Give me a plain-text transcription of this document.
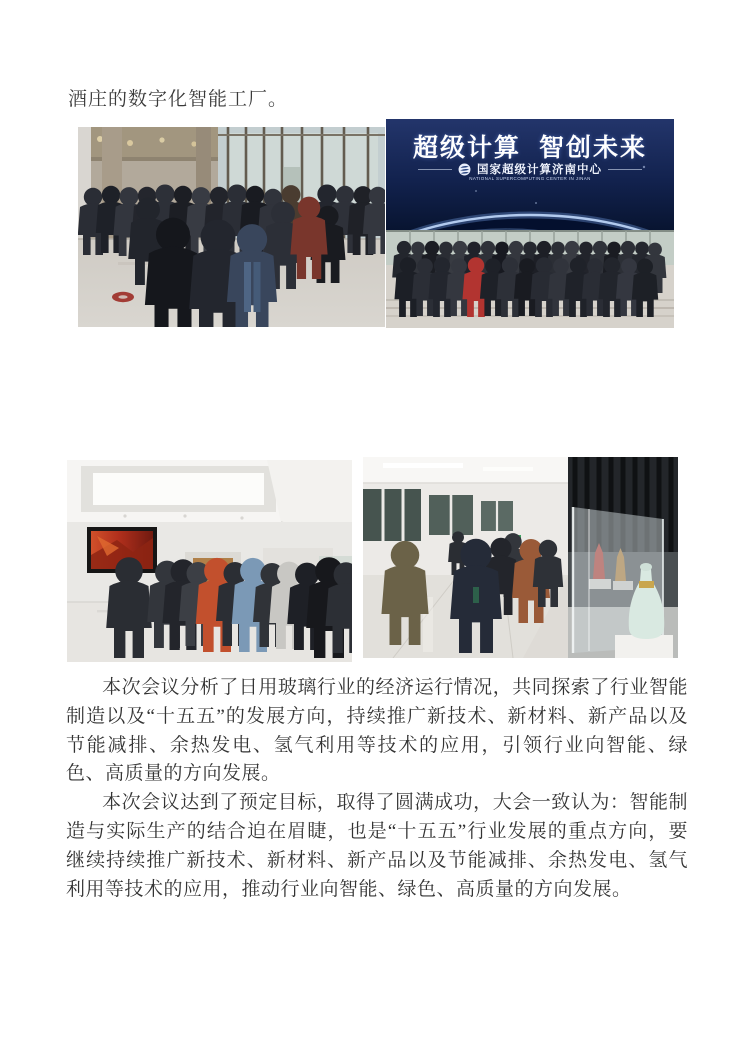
酒庄的数字化智能工厂。

超级计算  智创未来
国家超级计算济南中心
NATIONAL SUPERCOMPUTING CENTER IN JINAN

本次会议分析了日用玻璃行业的经济运行情况，共同探索了行业智能制造以及“十五五”的发展方向，持续推广新技术、新材料、新产品以及节能减排、余热发电、氢气利用等技术的应用，引领行业向智能、绿色、高质量的方向发展。

本次会议达到了预定目标，取得了圆满成功，大会一致认为：智能制造与实际生产的结合迫在眉睫，也是“十五五”行业发展的重点方向，要继续持续推广新技术、新材料、新产品以及节能减排、余热发电、氢气利用等技术的应用，推动行业向智能、绿色、高质量的方向发展。
